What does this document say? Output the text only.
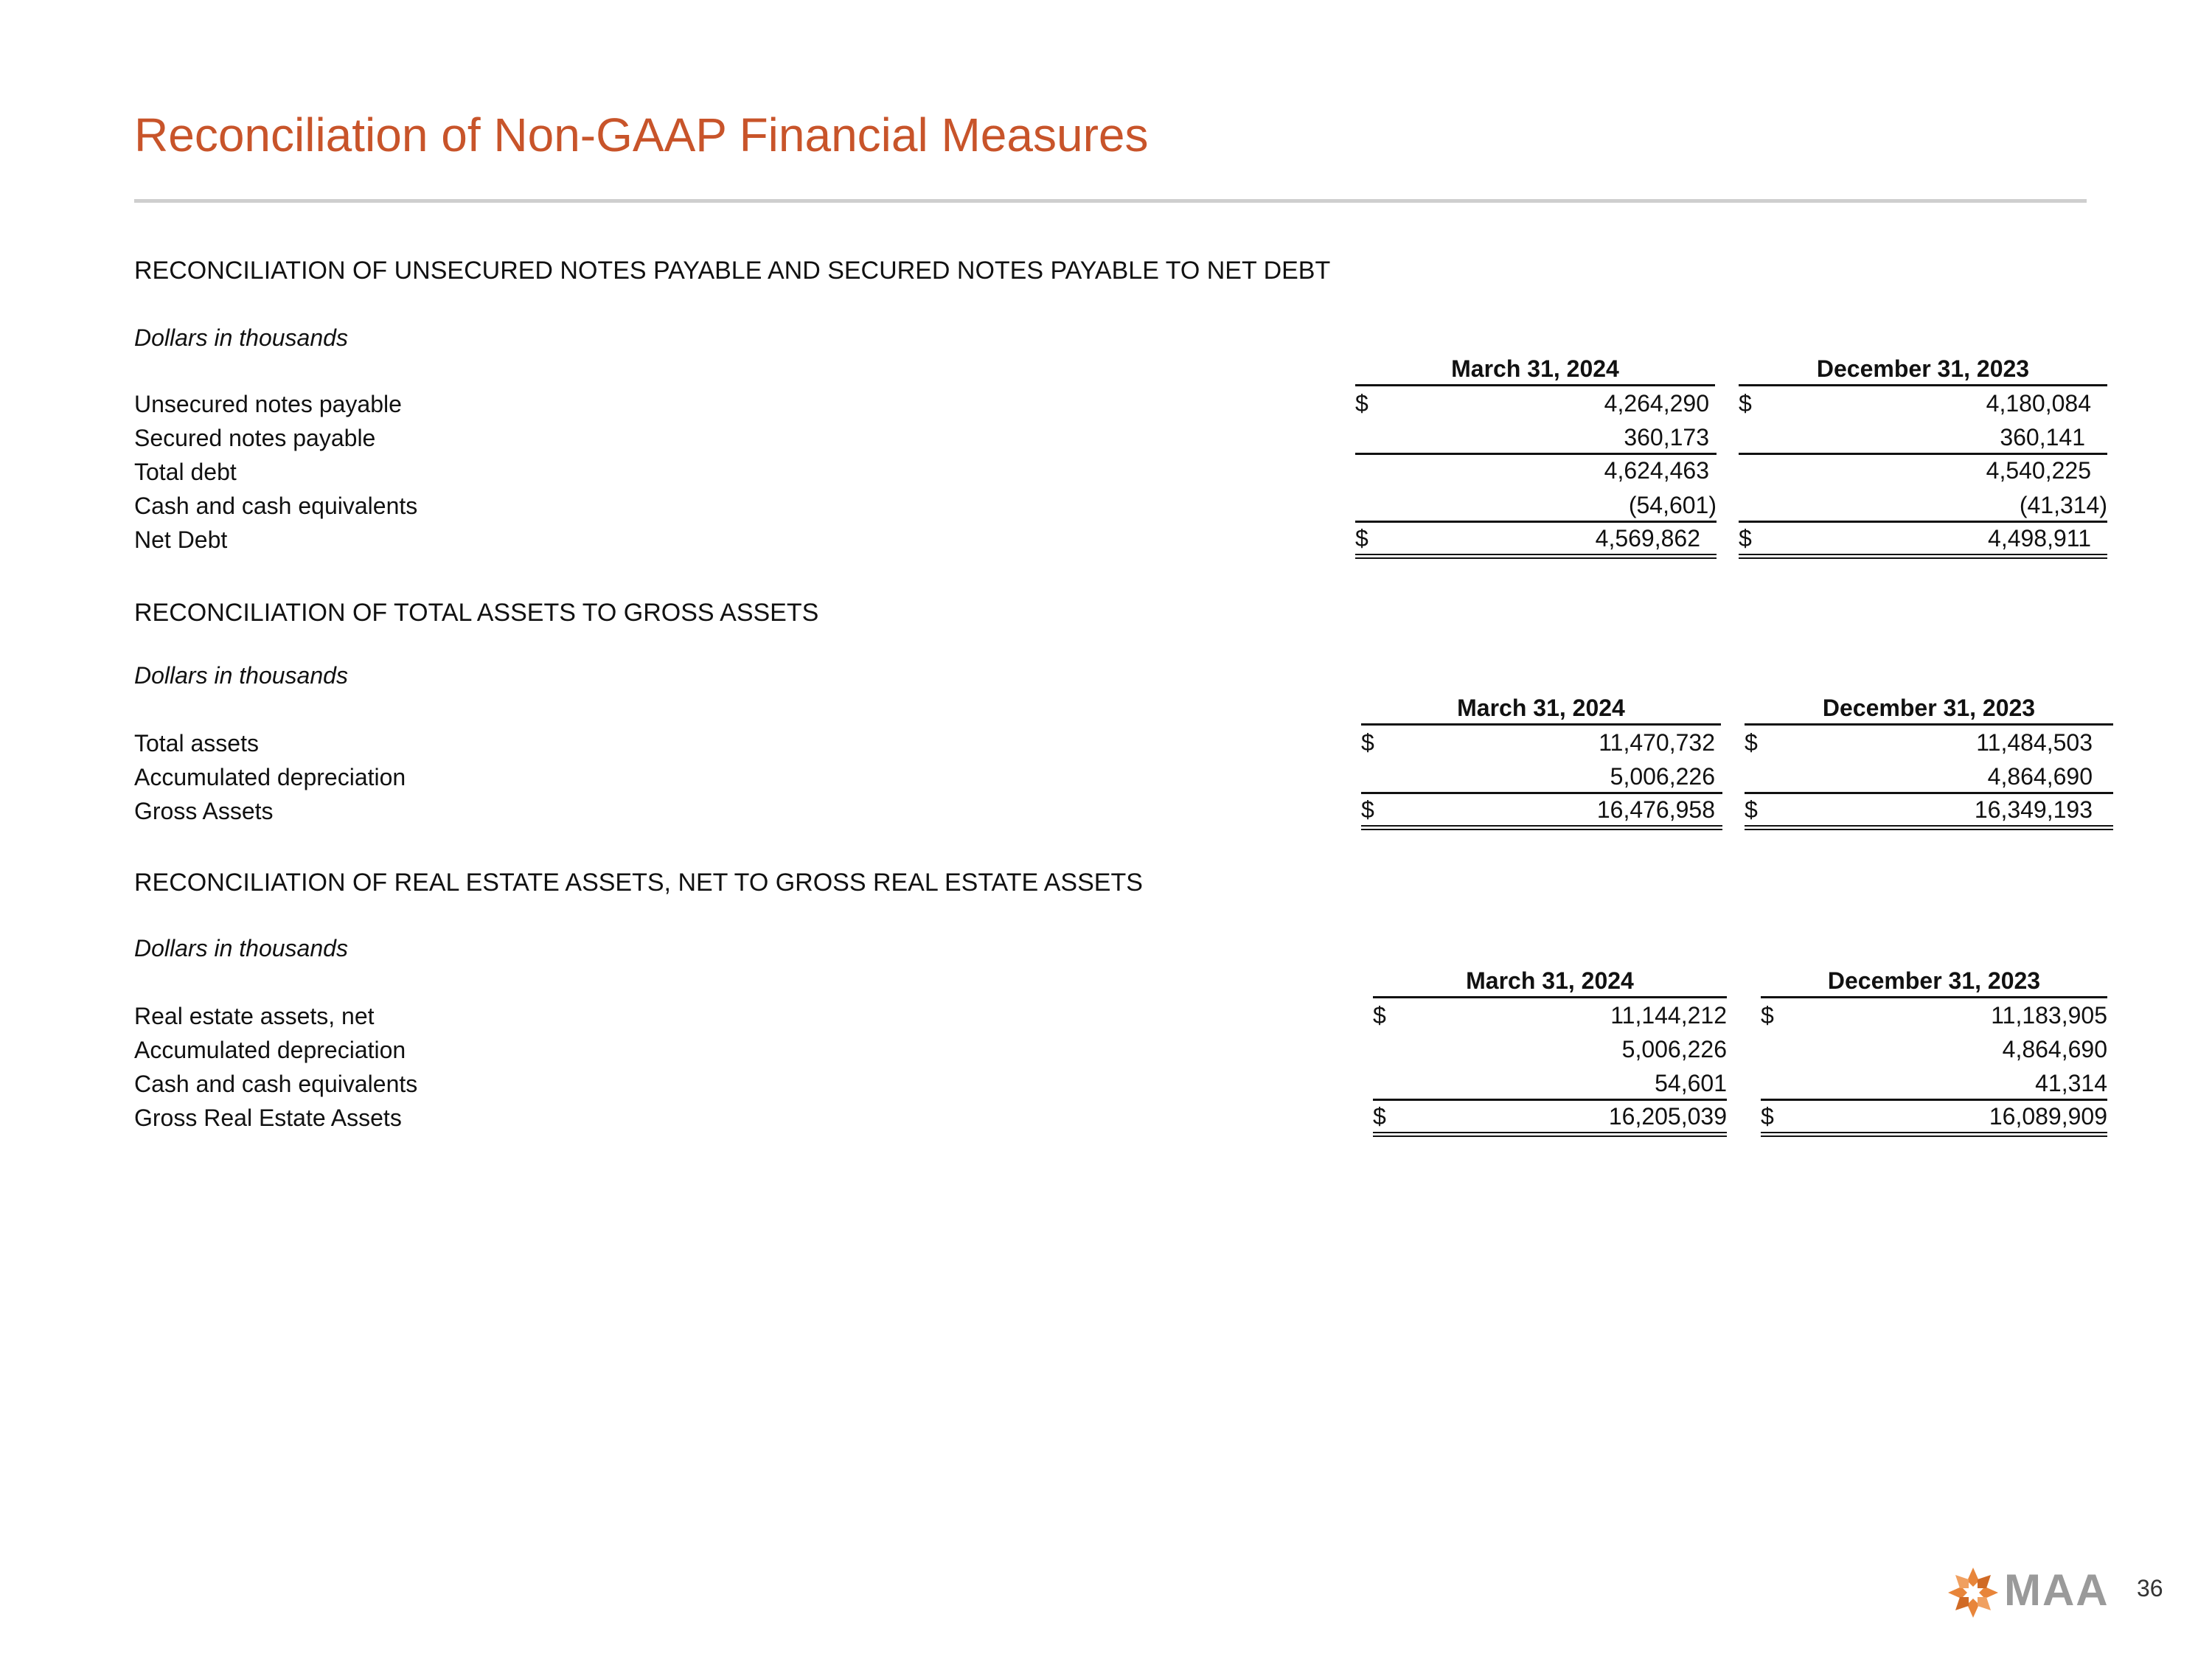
Reconciliation of Non-GAAP Financial Measures
RECONCILIATION OF UNSECURED NOTES PAYABLE AND SECURED NOTES PAYABLE TO NET DEBT
Dollars in thousands
March 31, 2024	December 31, 2023
Unsecured notes payable	$	4,264,290 $	4,180,084
Secured notes payable	360,173	360,141
Total debt	4,624,463	4,540,225
Cash and cash equivalents	(54,601)	(41,314)
Net Debt	$	4,569,862 $	4,498,911
RECONCILIATION OF TOTAL ASSETS TO GROSS ASSETS
Dollars in thousands
March 31, 2024	December 31, 2023
Total assets	$	11,470,732 $	11,484,503
Accumulated depreciation	5,006,226	4,864,690
Gross Assets	$	16,476,958 $	16,349,193
RECONCILIATION OF REAL ESTATE ASSETS, NET TO GROSS REAL ESTATE ASSETS
Dollars in thousands
March 31, 2024	December 31, 2023
Real estate assets, net	$	11,144,212 $	11,183,905
Accumulated depreciation	5,006,226	4,864,690
Cash and cash equivalents	54,601	41,314
Gross Real Estate Assets	$	16,205,039 $	16,089,909
MAA 36
